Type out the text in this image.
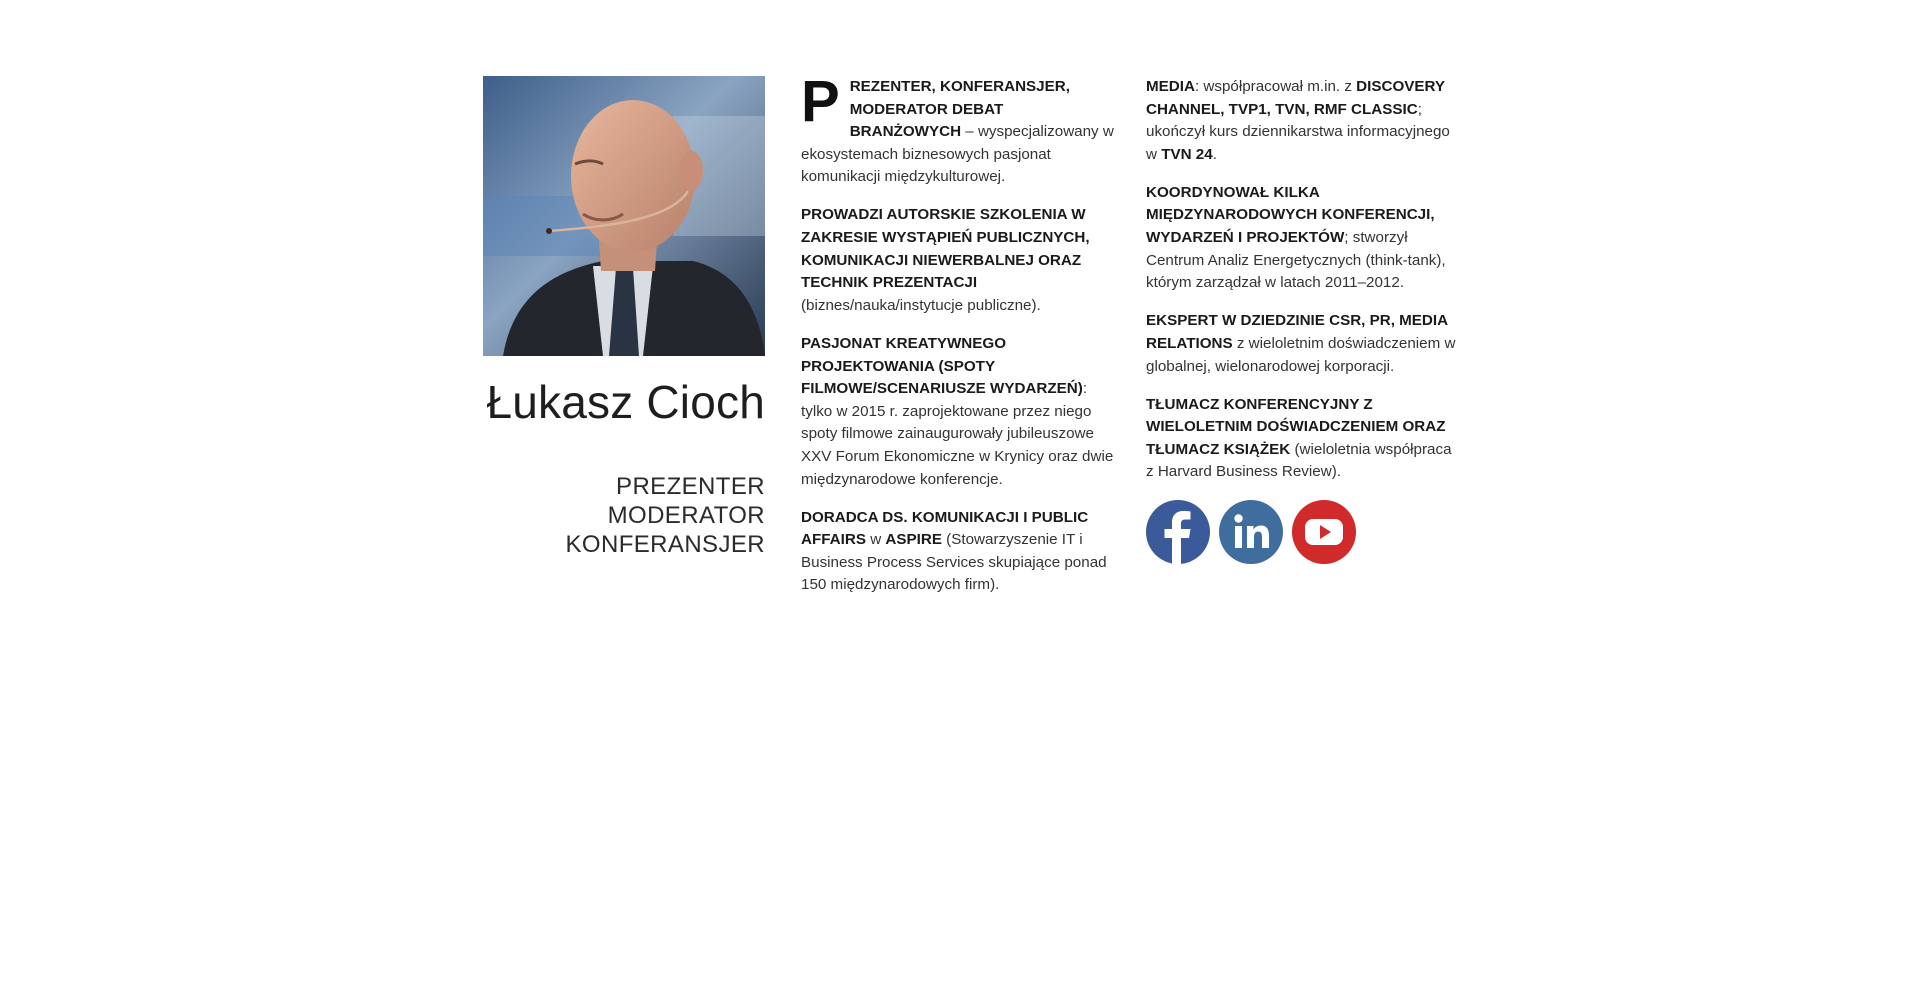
Łukasz Cioch
PREZENTER
MODERATOR
KONFERANSJER

PREZENTER, KONFERANSJER, MODERATOR DEBAT BRANŻOWYCH – wyspecjalizowany w ekosystemach biznesowych pasjonat komunikacji międzykulturowej.

PROWADZI AUTORSKIE SZKOLENIA W ZAKRESIE WYSTĄPIEŃ PUBLICZNYCH, KOMUNIKACJI NIEWERBALNEJ ORAZ TECHNIK PREZENTACJI
(biznes/nauka/instytucje publiczne).

PASJONAT KREATYWNEGO PROJEKTOWANIA (SPOTY FILMOWE/SCENARIUSZE WYDARZEŃ): tylko w 2015 r. zaprojektowane przez niego spoty filmowe zainaugurowały jubileuszowe XXV Forum Ekonomiczne w Krynicy oraz dwie międzynarodowe konferencje.

DORADCA DS. KOMUNIKACJI I PUBLIC AFFAIRS w ASPIRE (Stowarzyszenie IT i Business Process Services skupiające ponad 150 międzynarodowych firm).

MEDIA: współpracował m.in. z DISCOVERY CHANNEL, TVP1, TVN, RMF CLASSIC; ukończył kurs dziennikarstwa informacyjnego w TVN 24.

KOORDYNOWAŁ KILKA MIĘDZYNARODOWYCH KONFERENCJI, WYDARZEŃ I PROJEKTÓW; stworzył Centrum Analiz Energetycznych (think-tank), którym zarządzał w latach 2011–2012.

EKSPERT W DZIEDZINIE CSR, PR, MEDIA RELATIONS z wieloletnim doświadczeniem w globalnej, wielonarodowej korporacji.

TŁUMACZ KONFERENCYJNY Z WIELOLETNIM DOŚWIADCZENIEM ORAZ TŁUMACZ KSIĄŻEK (wieloletnia współpraca z Harvard Business Review).
